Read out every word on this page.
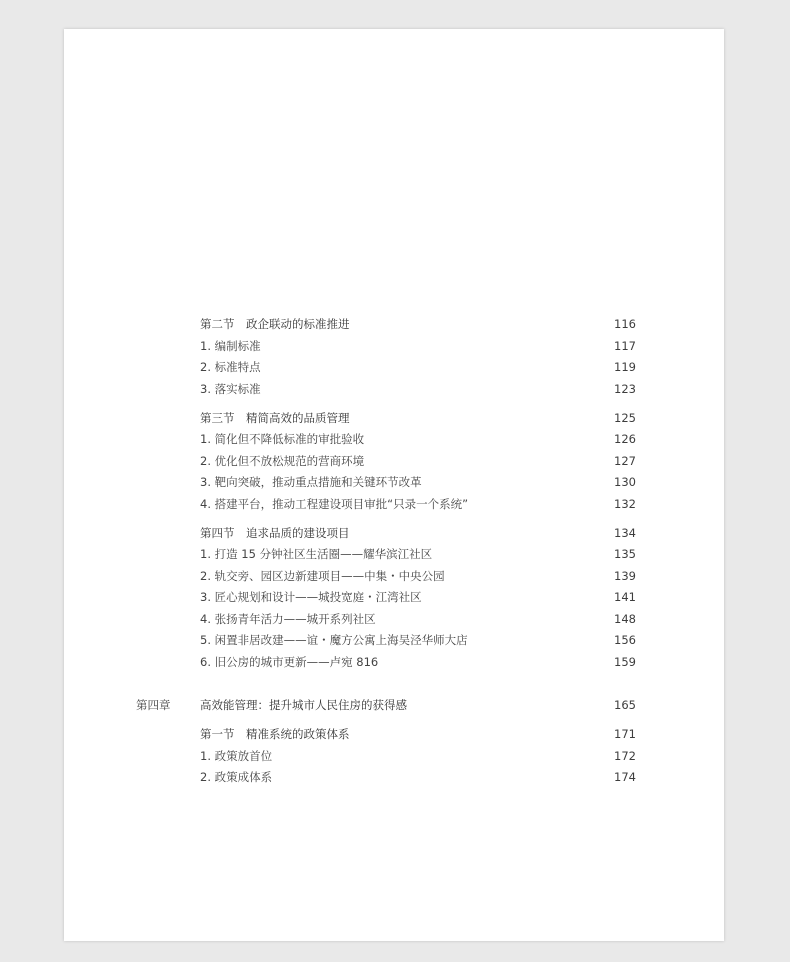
第二节　政企联动的标准推进	116
1. 编制标准	117
2. 标准特点	119
3. 落实标准	123
第三节　精简高效的品质管理	125
1. 简化但不降低标准的审批验收	126
2. 优化但不放松规范的营商环境	127
3. 靶向突破，推动重点措施和关键环节改革	130
4. 搭建平台，推动工程建设项目审批“只录一个系统”	132
第四节　追求品质的建设项目	134
1. 打造 15 分钟社区生活圈——耀华滨江社区	135
2. 轨交旁、园区边新建项目——中集・中央公园	139
3. 匠心规划和设计——城投宽庭・江湾社区	141
4. 张扬青年活力——城开系列社区	148
5. 闲置非居改建——谊・魔方公寓上海吴泾华师大店	156
6. 旧公房的城市更新——卢宛 816	159
第四章	高效能管理：提升城市人民住房的获得感	165
第一节　精准系统的政策体系	171
1. 政策放首位	172
2. 政策成体系	174
